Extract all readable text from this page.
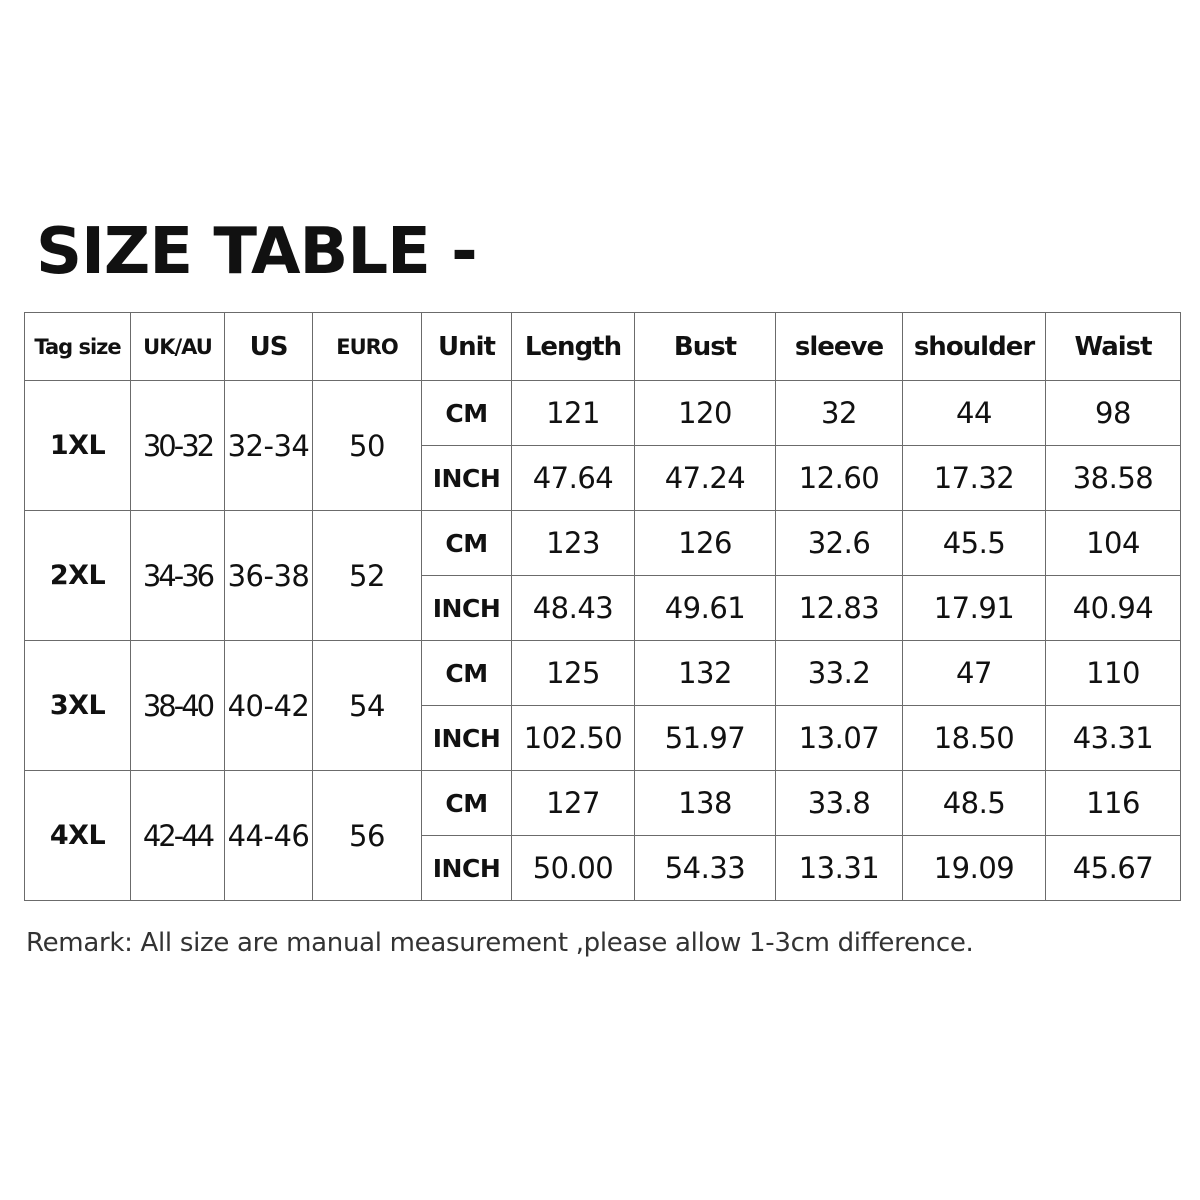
SIZE TABLE -
Tag size	UK/AU	US	EURO	Unit	Length	Bust	sleeve	shoulder	Waist
1XL	30-32	32-34	50	CM	121	120	32	44	98
				INCH	47.64	47.24	12.60	17.32	38.58
2XL	34-36	36-38	52	CM	123	126	32.6	45.5	104
				INCH	48.43	49.61	12.83	17.91	40.94
3XL	38-40	40-42	54	CM	125	132	33.2	47	110
				INCH	102.50	51.97	13.07	18.50	43.31
4XL	42-44	44-46	56	CM	127	138	33.8	48.5	116
				INCH	50.00	54.33	13.31	19.09	45.67
Remark: All size are manual measurement ,please allow 1-3cm difference.
